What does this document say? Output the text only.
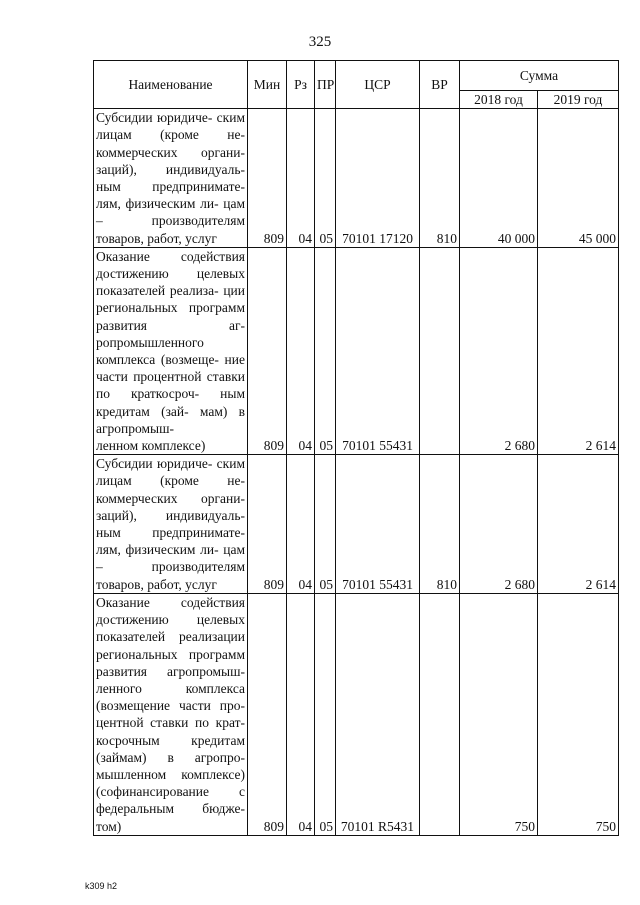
325
Наименование	Мин	Рз	ПР	ЦСР	ВР	Сумма	
						2018 год	2019 год
Субсидии юридиче- ским лицам (кроме не- коммерческих органи- заций), индивидуаль- ным предпринимате- лям, физическим ли- цам – производителям
товаров, работ, услуг	809	04	05	70101 17120	810	40 000	45 000
Оказание содействия достижению целевых показателей реализа- ции региональных программ развития аг- ропромышленного комплекса (возмеще- ние части процентной ставки по краткосроч- ным кредитам (зай- мам) в агропромыш-
ленном комплексе)	809	04	05	70101 55431		2 680	2 614
Субсидии юридиче- ским лицам (кроме не- коммерческих органи- заций), индивидуаль- ным предпринимате- лям, физическим ли- цам – производителям
товаров, работ, услуг	809	04	05	70101 55431	810	2 680	2 614
Оказание содействия достижению целевых показателей реализации региональных программ развития агропромыш- ленного комплекса (возмещение части про- центной ставки по крат- косрочным кредитам (займам) в агропро- мышленном комплексе) (софинансирование с федеральным бюдже-
том)	809	04	05	70101 R5431		750	750
k309 h2
